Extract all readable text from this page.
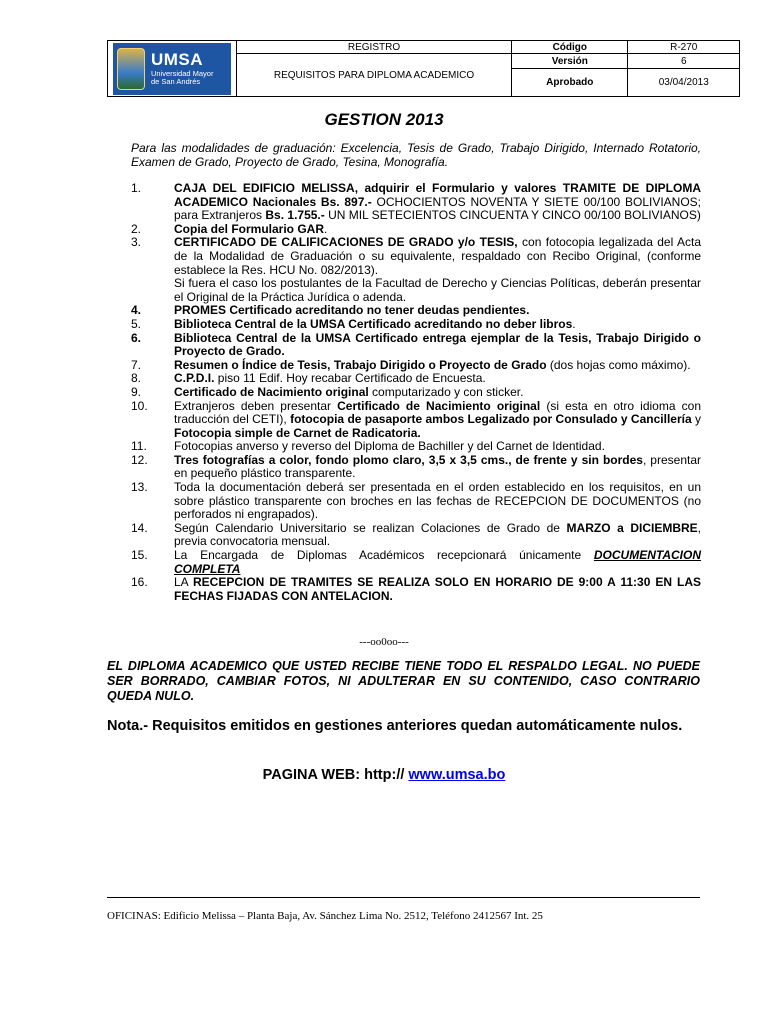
UMSA
Universidad Mayor
de San Andrés	REGISTRO	Código	R-270
	REQUISITOS PARA DIPLOMA ACADEMICO	Versión	6
		Aprobado	03/04/2013
GESTION 2013
Para las modalidades de graduación: Excelencia, Tesis de Grado, Trabajo Dirigido, Internado Rotatorio, Examen de Grado, Proyecto de Grado, Tesina, Monografía.
1.	CAJA DEL EDIFICIO MELISSA, adquirir el Formulario y valores TRAMITE DE DIPLOMA ACADEMICO Nacionales Bs. 897.- OCHOCIENTOS NOVENTA Y SIETE 00/100 BOLIVIANOS; para Extranjeros Bs. 1.755.- UN MIL SETECIENTOS CINCUENTA Y CINCO 00/100 BOLIVIANOS)
2.	Copia del Formulario GAR.
3.	CERTIFICADO DE CALIFICACIONES DE GRADO y/o TESIS, con fotocopia legalizada del Acta de la Modalidad de Graduación o su equivalente, respaldado con Recibo Original, (conforme establece la Res. HCU No. 082/2013).
Si fuera el caso los postulantes de la Facultad de Derecho y Ciencias Políticas, deberán presentar el Original de la Práctica Jurídica o adenda.
4.	PROMES Certificado acreditando no tener deudas pendientes.
5.	Biblioteca Central de la UMSA Certificado acreditando no deber libros.
6.	Biblioteca Central de la UMSA Certificado entrega ejemplar de la Tesis, Trabajo Dirigido o Proyecto de Grado.
7.	Resumen o Índice de Tesis, Trabajo Dirigido o Proyecto de Grado (dos hojas como máximo).
8.	C.P.D.I. piso 11 Edif. Hoy recabar Certificado de Encuesta.
9.	Certificado de Nacimiento original computarizado y con sticker.
10.	Extranjeros deben presentar Certificado de Nacimiento original (si esta en otro idioma con traducción del CETI), fotocopia de pasaporte ambos Legalizado por Consulado y Cancillería y Fotocopia simple de Carnet de Radicatoria.
11.	Fotocopias anverso y reverso del Diploma de Bachiller y del Carnet de Identidad.
12.	Tres fotografías a color, fondo plomo claro, 3,5 x 3,5 cms., de frente y sin bordes, presentar en pequeño plástico transparente.
13.	Toda la documentación deberá ser presentada en el orden establecido en los requisitos, en un sobre plástico transparente con broches en las fechas de RECEPCION DE DOCUMENTOS (no perforados ni engrapados).
14.	Según Calendario Universitario se realizan Colaciones de Grado de MARZO a DICIEMBRE, previa convocatoria mensual.
15.	La Encargada de Diplomas Académicos recepcionará únicamente DOCUMENTACION COMPLETA
16.	LA RECEPCION DE TRAMITES SE REALIZA SOLO EN HORARIO DE 9:00 A 11:30 EN LAS FECHAS FIJADAS CON ANTELACION.
---oo0oo---
EL DIPLOMA ACADEMICO QUE USTED RECIBE TIENE TODO EL RESPALDO LEGAL. NO PUEDE SER BORRADO, CAMBIAR FOTOS, NI ADULTERAR EN SU CONTENIDO, CASO CONTRARIO QUEDA NULO.
Nota.- Requisitos emitidos en gestiones anteriores quedan automáticamente nulos.
PAGINA WEB: http:// www.umsa.bo
OFICINAS: Edificio Melissa – Planta Baja, Av. Sánchez Lima No. 2512, Teléfono 2412567 Int. 25
